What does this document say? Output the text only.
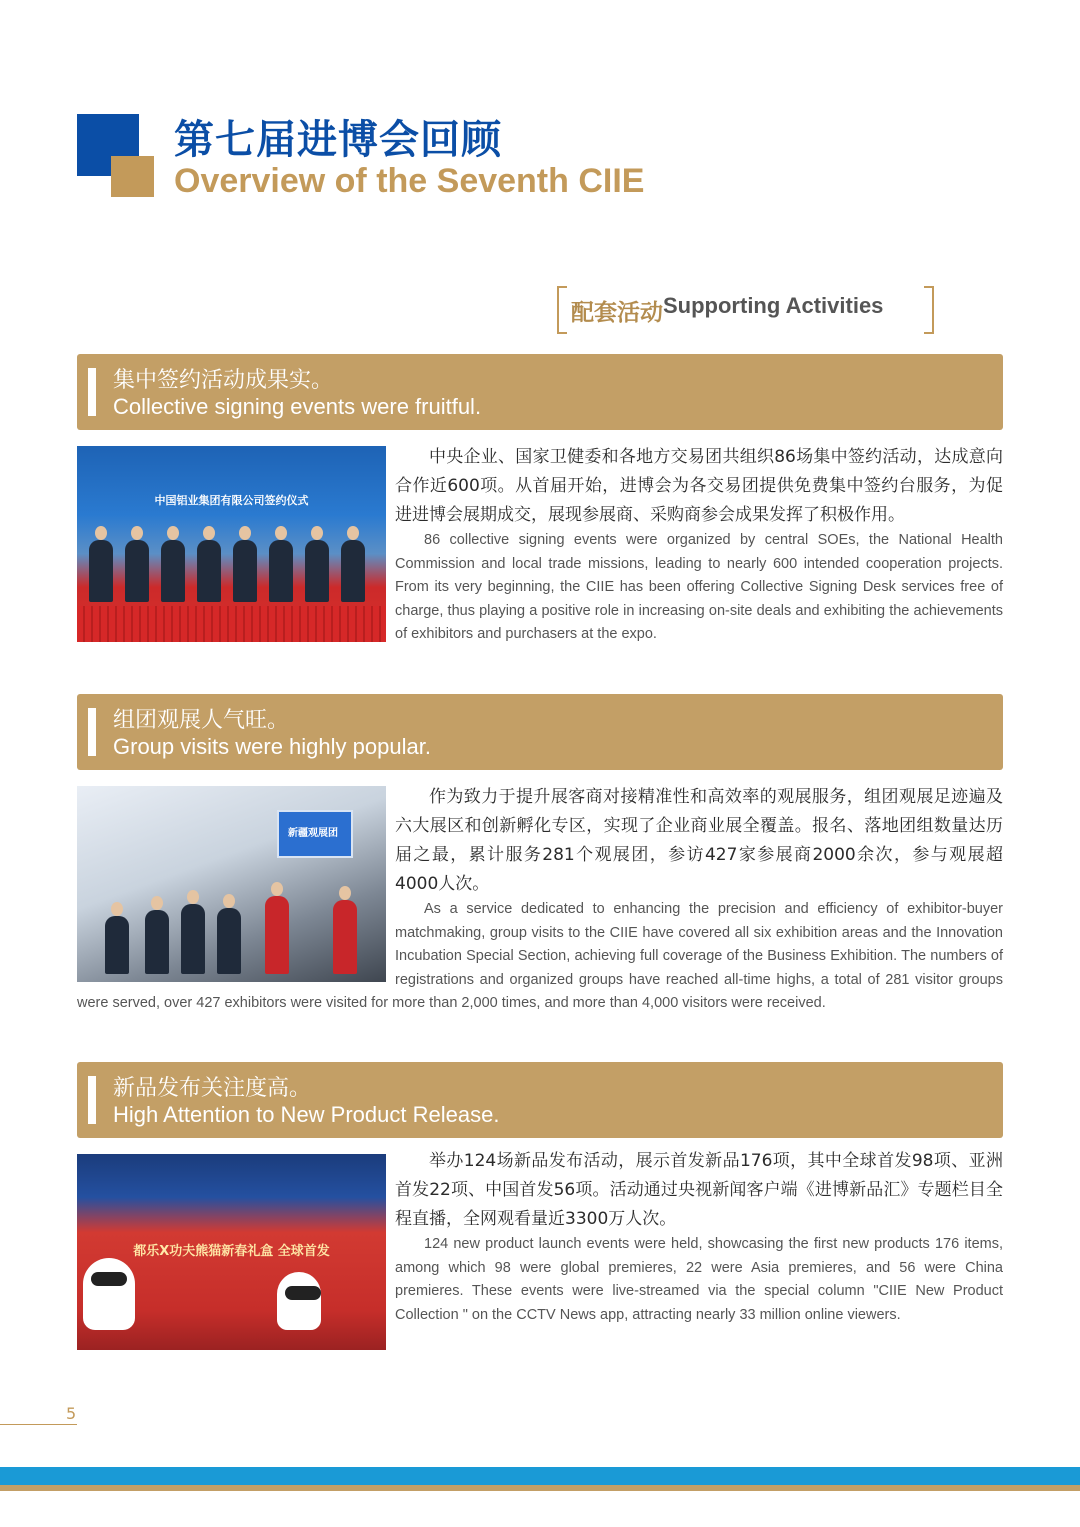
第七届进博会回顾
Overview of the Seventh CIIE
配套活动 Supporting Activities
集中签约活动成果实。
Collective signing events were fruitful.
中国铝业集团有限公司签约仪式
中央企业、国家卫健委和各地方交易团共组织86场集中签约活动，达成意向合作近600项。从首届开始，进博会为各交易团提供免费集中签约台服务，为促进进博会展期成交，展现参展商、采购商参会成果发挥了积极作用。
86 collective signing events were organized by central SOEs, the National Health Commission and local trade missions, leading to nearly 600 intended cooperation projects. From its very beginning, the CIIE has been offering Collective Signing Desk services free of charge, thus playing a positive role in increasing on-site deals and exhibiting the achievements of exhibitors and purchasers at the expo.
组团观展人气旺。
Group visits were highly popular.
新疆观展团
作为致力于提升展客商对接精准性和高效率的观展服务，组团观展足迹遍及六大展区和创新孵化专区，实现了企业商业展全覆盖。报名、落地团组数量达历届之最，累计服务281个观展团，参访427家参展商2000余次，参与观展超4000人次。
As a service dedicated to enhancing the precision and efficiency of exhibitor-buyer matchmaking, group visits to the CIIE have covered all six exhibition areas and the Innovation Incubation Special Section, achieving full coverage of the Business Exhibition. The numbers of registrations and organized groups have reached all-time highs, a total of 281 visitor groups were served, over 427 exhibitors were visited for more than 2,000 times, and more than 4,000 visitors were received.
新品发布关注度高。
High Attention to New Product Release.
都乐X功夫熊猫新春礼盒 全球首发
举办124场新品发布活动，展示首发新品176项，其中全球首发98项、亚洲首发22项、中国首发56项。活动通过央视新闻客户端《进博新品汇》专题栏目全程直播，全网观看量近3300万人次。
124 new product launch events were held, showcasing the first new products 176 items, among which 98 were global premieres, 22 were Asia premieres, and 56 were China premieres. These events were live-streamed via the special column "CIIE New Product Collection " on the CCTV News app, attracting nearly 33 million online viewers.
5
